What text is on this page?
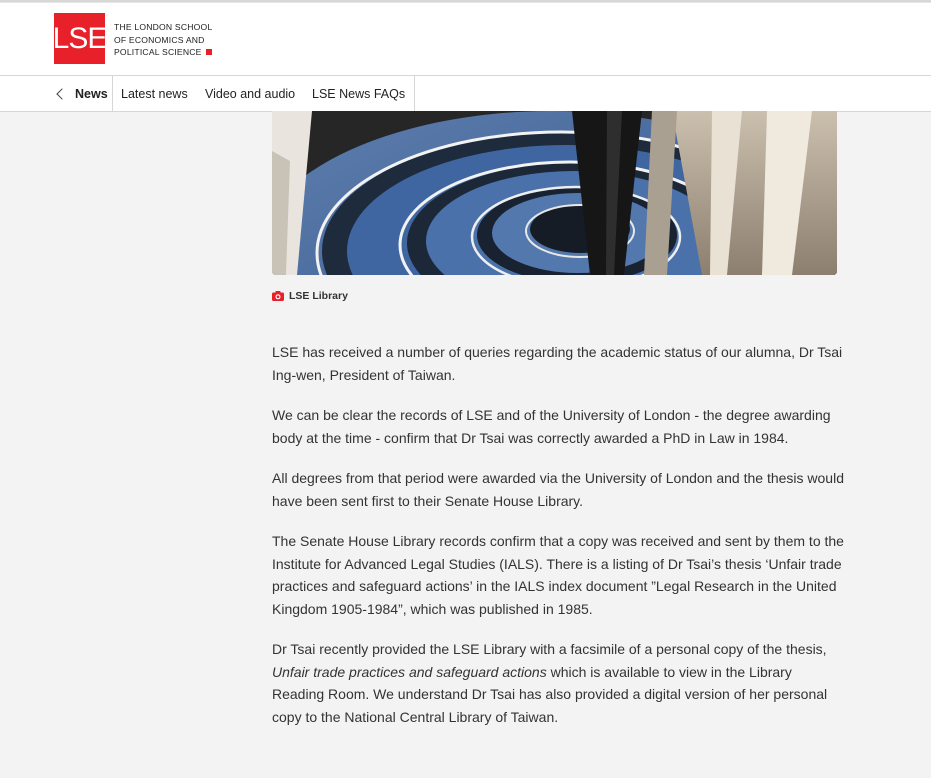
LSE THE LONDON SCHOOL
OF ECONOMICS AND
POLITICAL SCIENCE
News Latest news Video and audio LSE News FAQs
LSE Library

LSE has received a number of queries regarding the academic status of our alumna, Dr Tsai Ing-wen, President of Taiwan.

We can be clear the records of LSE and of the University of London - the degree awarding body at the time - confirm that Dr Tsai was correctly awarded a PhD in Law in 1984.

All degrees from that period were awarded via the University of London and the thesis would have been sent first to their Senate House Library.

The Senate House Library records confirm that a copy was received and sent by them to the Institute for Advanced Legal Studies (IALS). There is a listing of Dr Tsai’s thesis ‘Unfair trade practices and safeguard actions’ in the IALS index document ”Legal Research in the United Kingdom 1905-1984”, which was published in 1985.

Dr Tsai recently provided the LSE Library with a facsimile of a personal copy of the thesis, Unfair trade practices and safeguard actions which is available to view in the Library Reading Room. We understand Dr Tsai has also provided a digital version of her personal copy to the National Central Library of Taiwan.
